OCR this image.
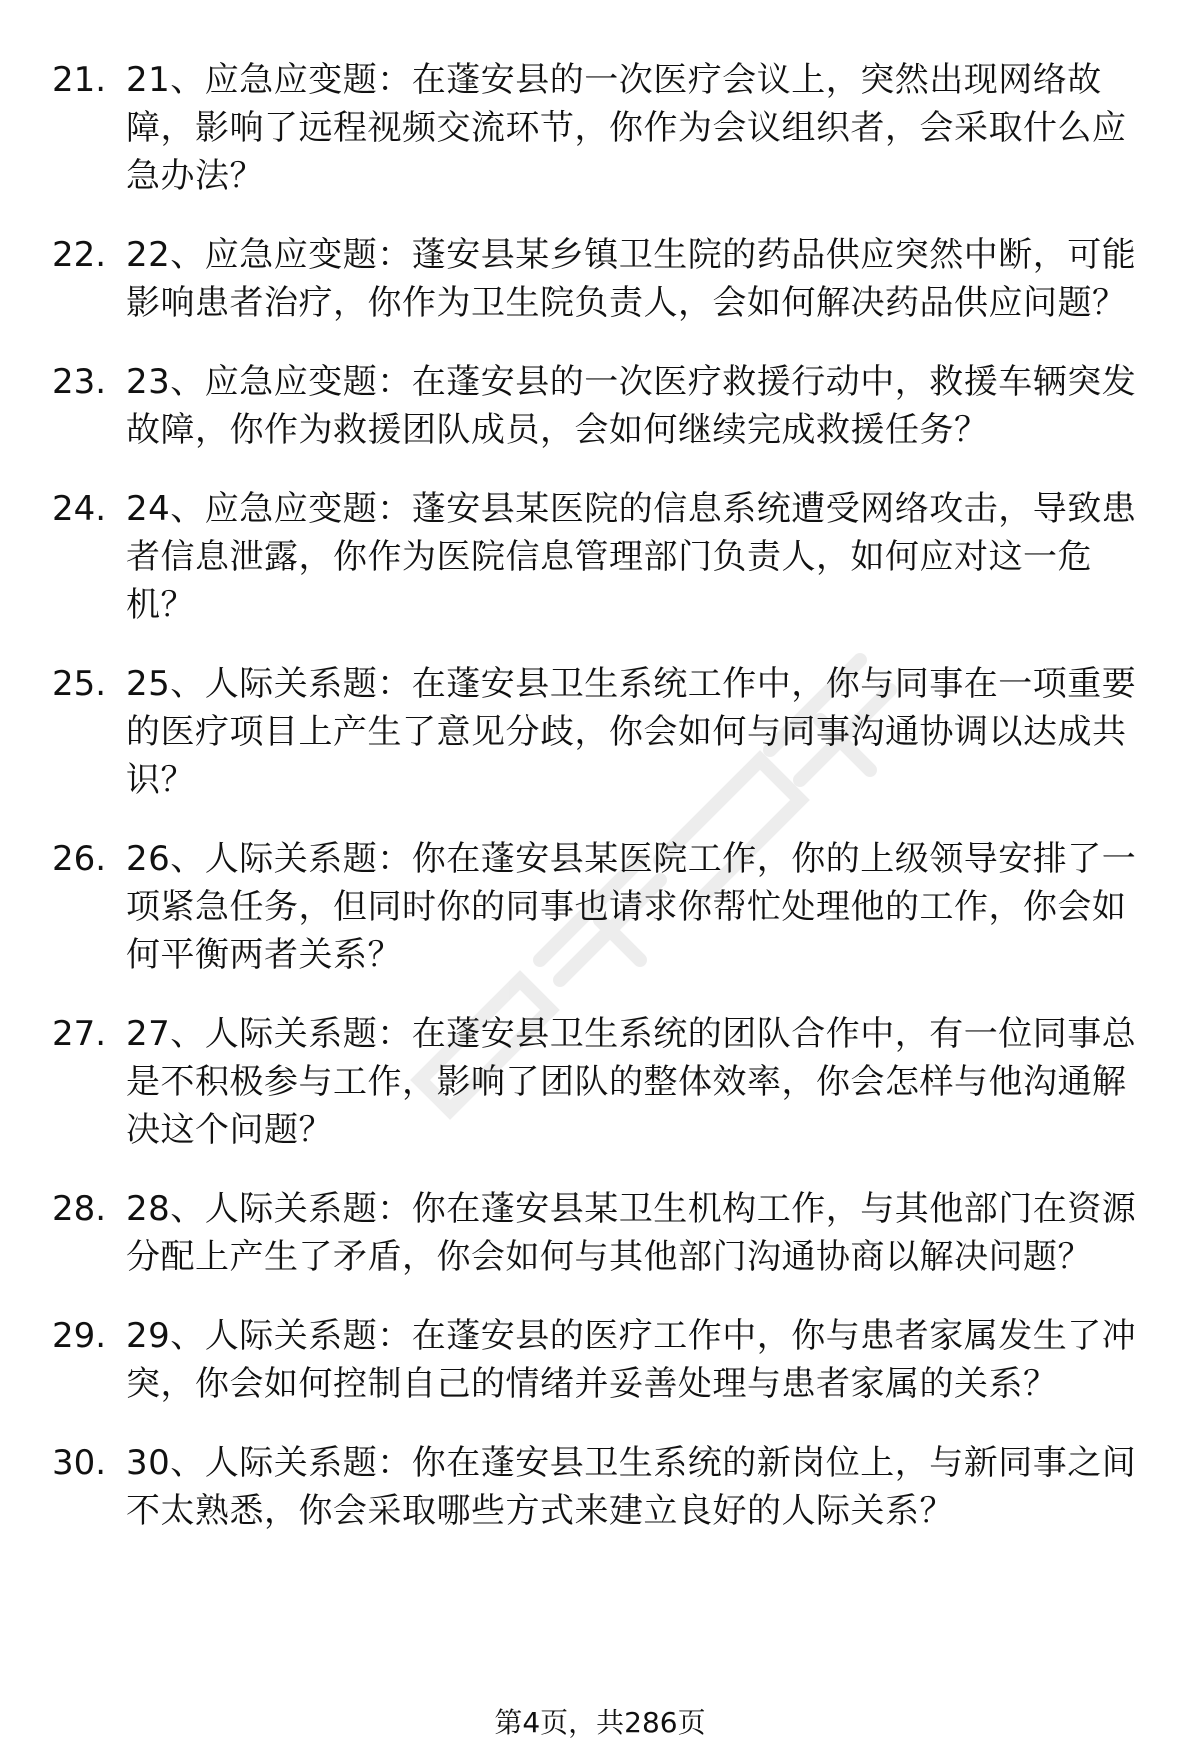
21. 21、应急应变题：在蓬安县的一次医疗会议上，突然出现网络故障，影响了远程视频交流环节，你作为会议组织者，会采取什么应急办法？
22. 22、应急应变题：蓬安县某乡镇卫生院的药品供应突然中断，可能影响患者治疗，你作为卫生院负责人，会如何解决药品供应问题？
23. 23、应急应变题：在蓬安县的一次医疗救援行动中，救援车辆突发故障，你作为救援团队成员，会如何继续完成救援任务？
24. 24、应急应变题：蓬安县某医院的信息系统遭受网络攻击，导致患者信息泄露，你作为医院信息管理部门负责人，如何应对这一危机？
25. 25、人际关系题：在蓬安县卫生系统工作中，你与同事在一项重要的医疗项目上产生了意见分歧，你会如何与同事沟通协调以达成共识？
26. 26、人际关系题：你在蓬安县某医院工作，你的上级领导安排了一项紧急任务，但同时你的同事也请求你帮忙处理他的工作，你会如何平衡两者关系？
27. 27、人际关系题：在蓬安县卫生系统的团队合作中，有一位同事总是不积极参与工作，影响了团队的整体效率，你会怎样与他沟通解决这个问题？
28. 28、人际关系题：你在蓬安县某卫生机构工作，与其他部门在资源分配上产生了矛盾，你会如何与其他部门沟通协商以解决问题？
29. 29、人际关系题：在蓬安县的医疗工作中，你与患者家属发生了冲突，你会如何控制自己的情绪并妥善处理与患者家属的关系？
30. 30、人际关系题：你在蓬安县卫生系统的新岗位上，与新同事之间不太熟悉，你会采取哪些方式来建立良好的人际关系？
第4页，共286页
